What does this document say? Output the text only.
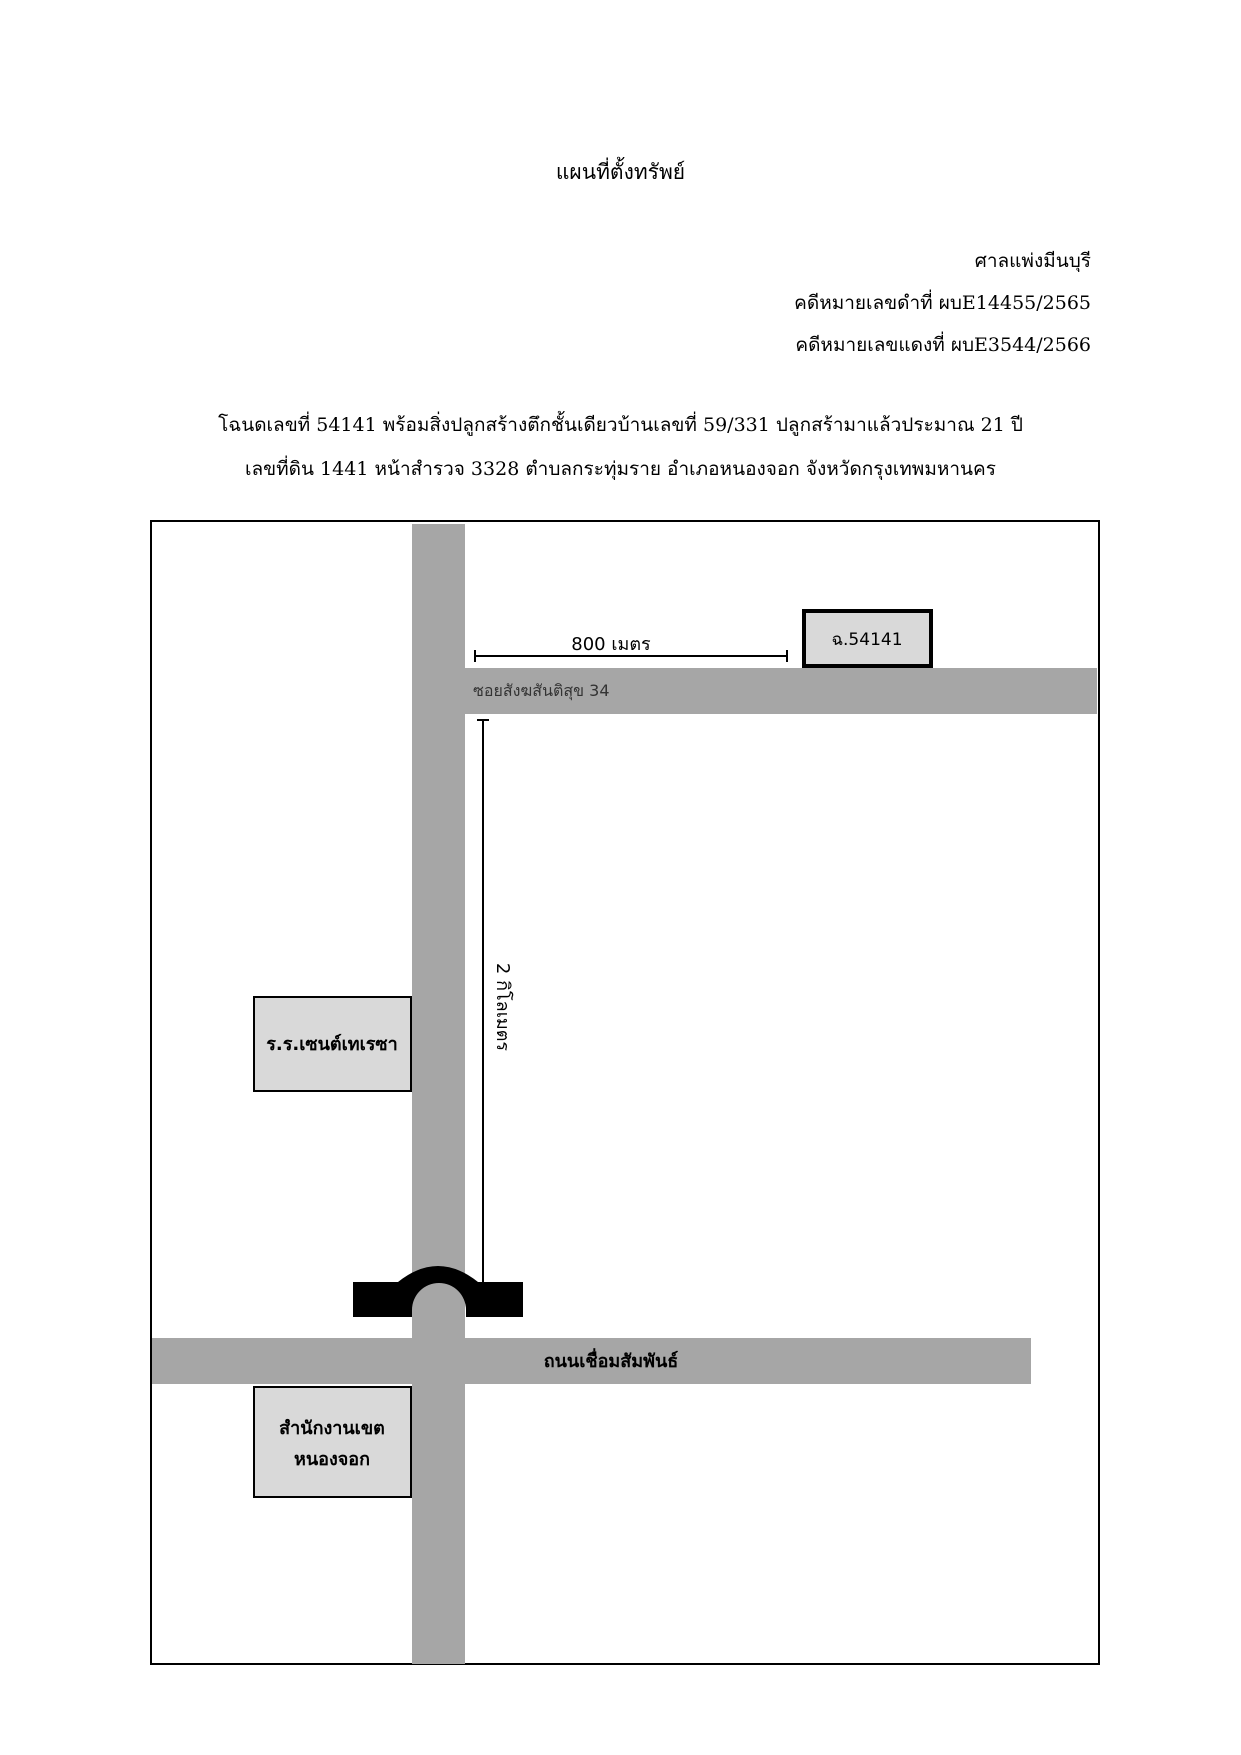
แผนที่ตั้งทรัพย์
ศาลแพ่งมีนบุรี
คดีหมายเลขดำที่ ผบE14455/2565
คดีหมายเลขแดงที่ ผบE3544/2566
โฉนดเลขที่ 54141 พร้อมสิ่งปลูกสร้างตึกชั้นเดียวบ้านเลขที่ 59/331 ปลูกสร้ามาแล้วประมาณ 21 ปี
เลขที่ดิน 1441 หน้าสำรวจ 3328 ตำบลกระทุ่มราย อำเภอหนองจอก จังหวัดกรุงเทพมหานคร
800 เมตร
2 กิโลเมตร
ซอยสังฆสันติสุข 34
ถนนเชื่อมสัมพันธ์
ฉ.54141
ร.ร.เซนต์เทเรซา
สำนักงานเขต
หนองจอก
